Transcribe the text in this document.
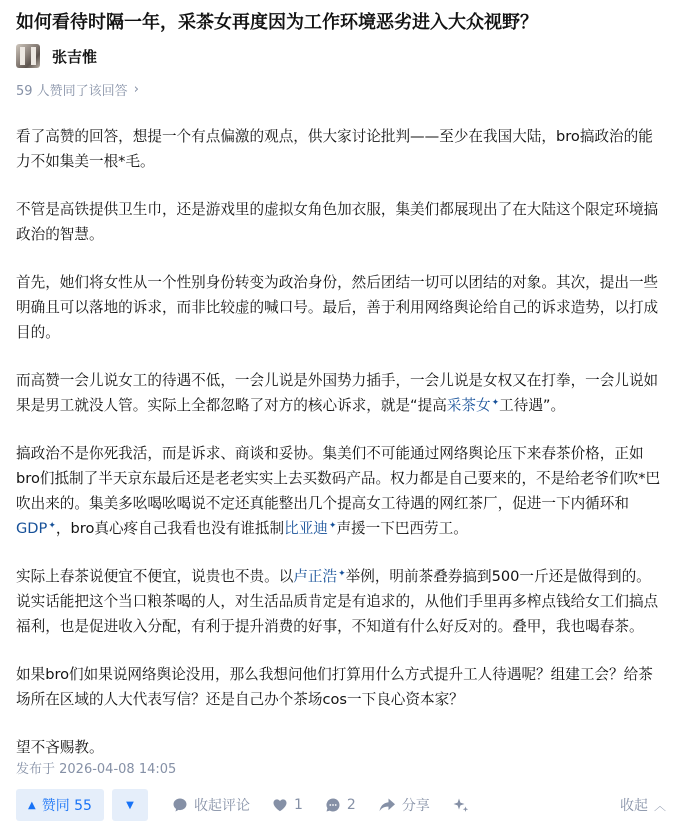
如何看待时隔一年，采茶女再度因为工作环境恶劣进入大众视野？
张吉惟
59 人赞同了该回答 ›

看了高赞的回答，想提一个有点偏激的观点，供大家讨论批判——至少在我国大陆，bro搞政治的能力不如集美一根*毛。

不管是高铁提供卫生巾，还是游戏里的虚拟女角色加衣服，集美们都展现出了在大陆这个限定环境搞政治的智慧。

首先，她们将女性从一个性别身份转变为政治身份，然后团结一切可以团结的对象。其次，提出一些明确且可以落地的诉求，而非比较虚的喊口号。最后，善于利用网络舆论给自己的诉求造势，以打成目的。

而高赞一会儿说女工的待遇不低，一会儿说是外国势力插手，一会儿说是女权又在打拳，一会儿说如果是男工就没人管。实际上全都忽略了对方的核心诉求，就是“提高采茶女✦工待遇”。

搞政治不是你死我活，而是诉求、商谈和妥协。集美们不可能通过网络舆论压下来春茶价格，正如bro们抵制了半天京东最后还是老老实实上去买数码产品。权力都是自己要来的，不是给老爷们吹*巴吹出来的。集美多吆喝吆喝说不定还真能整出几个提高女工待遇的网红茶厂，促进一下内循环和GDP✦，bro真心疼自己我看也没有谁抵制比亚迪✦声援一下巴西劳工。

实际上春茶说便宜不便宜，说贵也不贵。以卢正浩✦举例，明前茶叠券搞到500一斤还是做得到的。说实话能把这个当口粮茶喝的人，对生活品质肯定是有追求的，从他们手里再多榨点钱给女工们搞点福利，也是促进收入分配，有利于提升消费的好事，不知道有什么好反对的。叠甲，我也喝春茶。

如果bro们如果说网络舆论没用，那么我想问他们打算用什么方式提升工人待遇呢？组建工会？给茶场所在区域的人大代表写信？还是自己办个茶场cos一下良心资本家？

望不吝赐教。

发布于 2026-04-08 14:05
▲ 赞同 55	▼	收起评论	1	2	分享	收起 ︿
